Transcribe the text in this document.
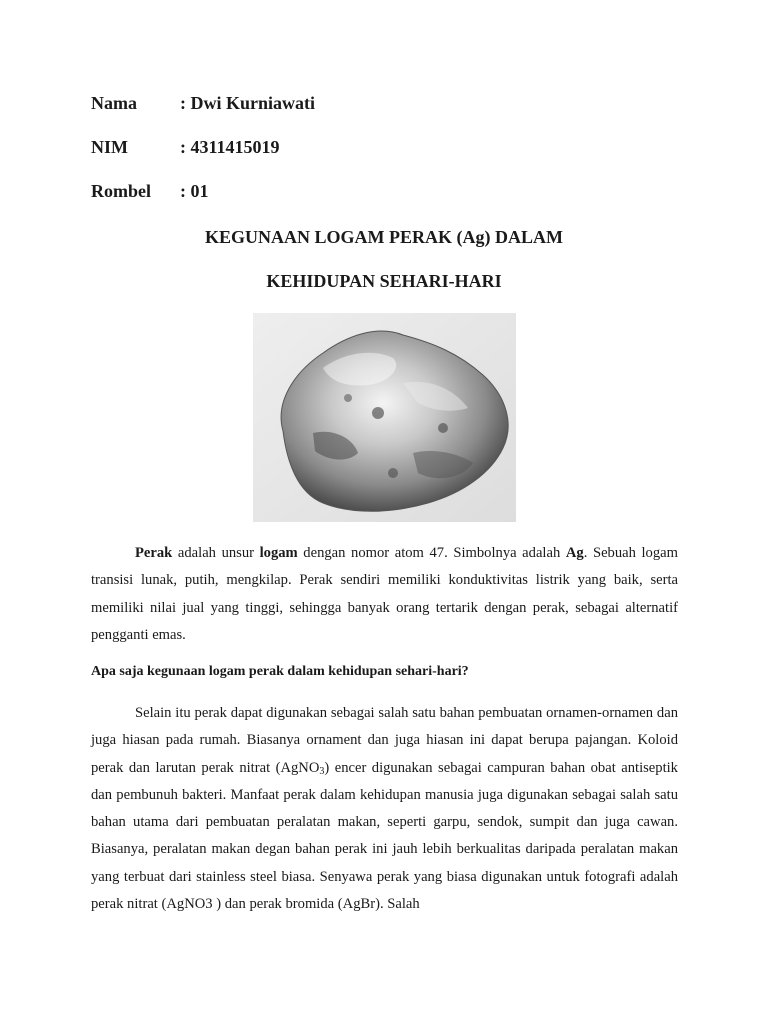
Nama : Dwi Kurniawati
NIM	: 4311415019
Rombel : 01
KEGUNAAN LOGAM PERAK (Ag) DALAM
KEHIDUPAN SEHARI-HARI

Perak adalah unsur logam dengan nomor atom 47. Simbolnya adalah Ag. Sebuah logam transisi lunak, putih, mengkilap. Perak sendiri memiliki konduktivitas listrik yang baik, serta memiliki nilai jual yang tinggi, sehingga banyak orang tertarik dengan perak, sebagai alternatif pengganti emas.

Apa saja kegunaan logam perak dalam kehidupan sehari-hari?

Selain itu perak dapat digunakan sebagai salah satu bahan pembuatan ornamen-ornamen dan juga hiasan pada rumah. Biasanya ornament dan juga hiasan ini dapat berupa pajangan. Koloid perak dan larutan perak nitrat (AgNO$_3$) encer digunakan sebagai campuran bahan obat antiseptik dan pembunuh bakteri. Manfaat perak dalam kehidupan manusia juga digunakan sebagai salah satu bahan utama dari pembuatan peralatan makan, seperti garpu, sendok, sumpit dan juga cawan. Biasanya, peralatan makan degan bahan perak ini jauh lebih berkualitas daripada peralatan makan yang terbuat dari stainless steel biasa. Senyawa perak yang biasa digunakan untuk fotografi adalah perak nitrat (AgNO3 ) dan perak bromida (AgBr). Salah
